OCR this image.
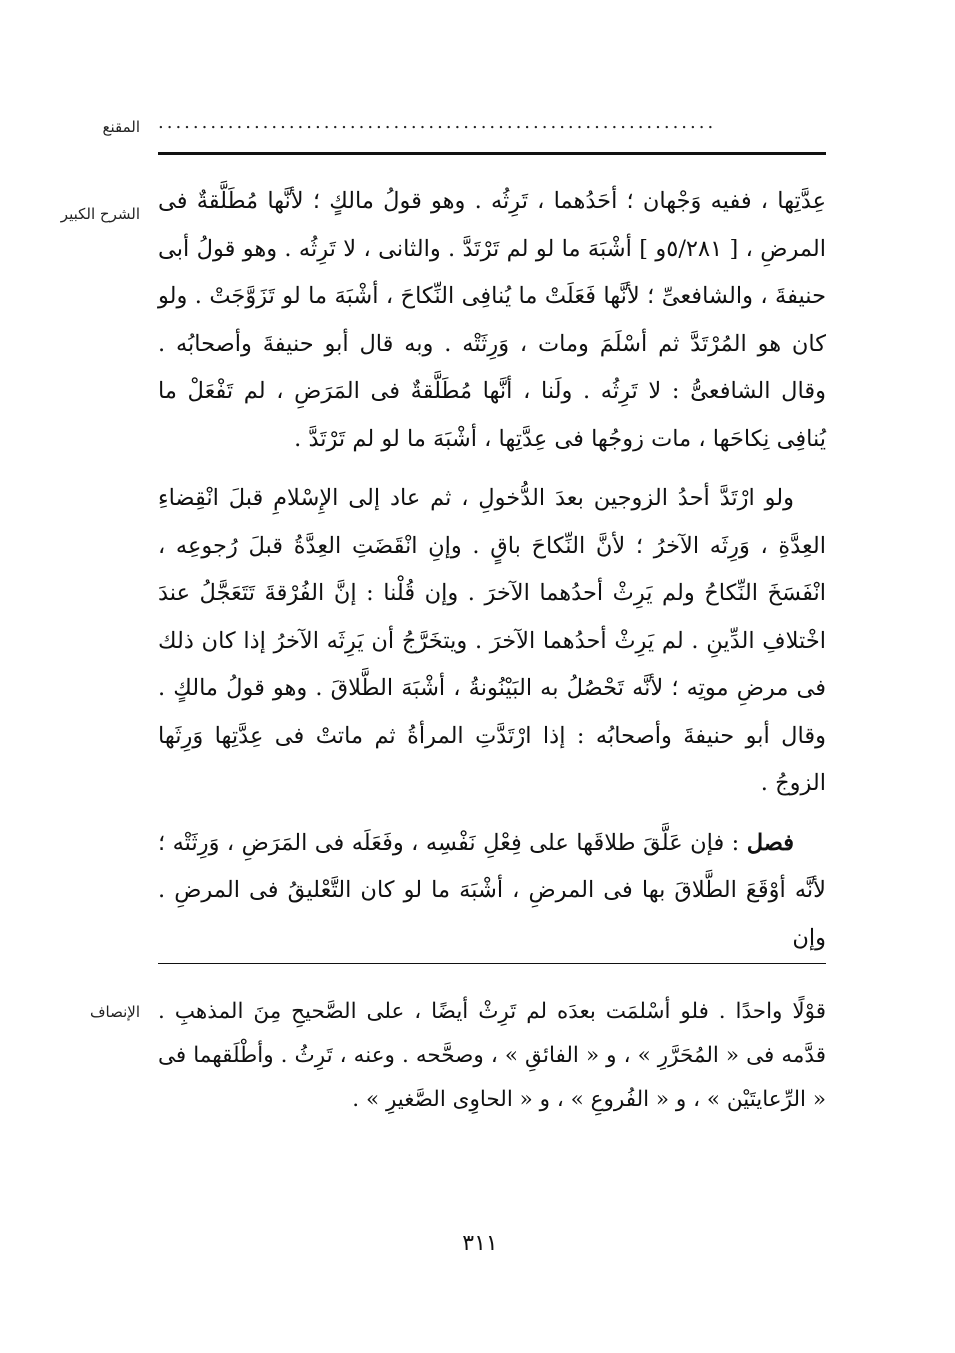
المقنع ................................................................
الشرح الكبير عِدَّتِها ، ففيه وَجْهان ؛ أحَدُهما ، تَرِثُه . وهو قولُ مالكٍ ؛ لأنَّها مُطَلَّقةٌ فى المرضِ ، [ ٥/٢٨١و ] أشْبَهَ ما لو لم تَرْتَدَّ . والثانى ، لا تَرِثُه . وهو قولُ أبى حنيفةَ ، والشافعىِّ ؛ لأنَّها فَعَلَتْ ما يُنافِى النِّكاحَ ، أشْبَهَ ما لو تَزَوَّجَتْ . ولو كان هو المُرْتَدَّ ثم أسْلَمَ ومات ، وَرِثَتْه . وبه قال أبو حنيفةَ وأصحابُه . وقال الشافعىُّ : لا تَرِثُه . ولَنا ، أنَّها مُطَلَّقةٌ فى المَرَضِ ، لم تَفْعَلْ ما يُنافِى نِكاحَها ، مات زوجُها فى عِدَّتِها ، أشْبَهَ ما لو لم تَرْتَدَّ .

ولو ارْتَدَّ أحدُ الزوجين بعدَ الدُّخولِ ، ثم عاد إلى الإِسْلامِ قبلَ انْقِضاءِ العِدَّةِ ، وَرِثَه الآخرُ ؛ لأنَّ النِّكاحَ باقٍ . وإنِ انْقَضَتِ العِدَّةُ قبلَ رُجوعِه ، انْفَسَخَ النِّكاحُ ولم يَرِثْ أحدُهما الآخرَ . وإن قُلْنا : إنَّ الفُرْقةَ تَتَعَجَّلُ عندَ اخْتلافِ الدِّينِ . لم يَرِثْ أحدُهما الآخرَ . ويتخَرَّجُ أن يَرِثَه الآخرُ إذا كان ذلك فى مرضِ موتِه ؛ لأنَّه تَحْصُلُ به البَيْنُونةُ ، أشْبَهَ الطَّلاقَ . وهو قولُ مالكٍ . وقال أبو حنيفةَ وأصحابُه : إذا ارْتَدَّتِ المرأةُ ثم ماتتْ فى عِدَّتِها وَرِثَها الزوجُ .

فصل : فإن عَلَّقَ طلاقَها على فِعْلِ نَفْسِه ، وفَعَلَه فى المَرَضِ ، وَرِثَتْه ؛ لأنَّه أوْقَعَ الطَّلاقَ بها فى المرضِ ، أشْبَهَ ما لو كان التَّعْليقُ فى المرضِ . وإن

الإنصاف قوْلًا واحدًا . فلو أسْلمَت بعدَه لم تَرِثْ أيضًا ، على الصَّحيحِ مِنَ المذهبِ . قدَّمه فى « المُحَرَّرِ » ، و « الفائقِ » ، وصحَّحه . وعنه ، تَرِثُ . وأطْلَقهما فى « الرِّعايتَيْن » ، و « الفُروعِ » ، و « الحاوِى الصَّغيرِ » .

٣١١
